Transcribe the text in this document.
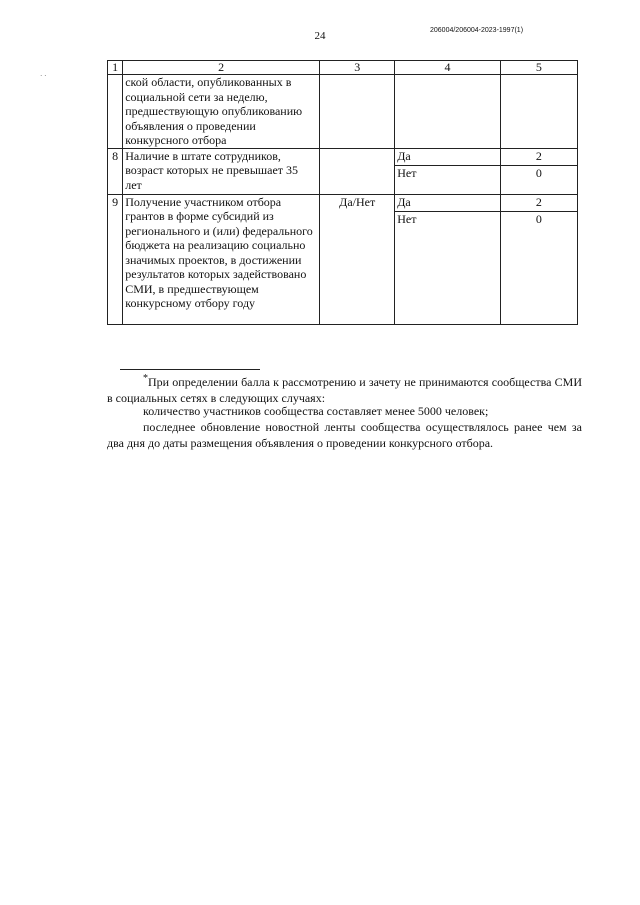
24	206004/206004-2023-1997(1)
· ·
1	2	3	4	5
	ской области, опубликованных в социальной сети за неделю, предшествующую опубликованию объявления о проведении конкурсного отбора			
8	Наличие в штате сотрудников, возраст которых не превышает 35 лет		Да	2
			Нет	0
9	Получение участником отбора грантов в форме субсидий из регионального и (или) федерального бюджета на реализацию социально значимых проектов, в достижении результатов которых задействовано СМИ, в предшествующем конкурсному отбору году	Да/Нет	Да	2
			Нет	0
*При определении балла к рассмотрению и зачету не принимаются сообщества СМИ в социальных сетях в следующих случаях:
количество участников сообщества составляет менее 5000 человек;
последнее обновление новостной ленты сообщества осуществлялось ранее чем за два дня до даты размещения объявления о проведении конкурсного отбора.
